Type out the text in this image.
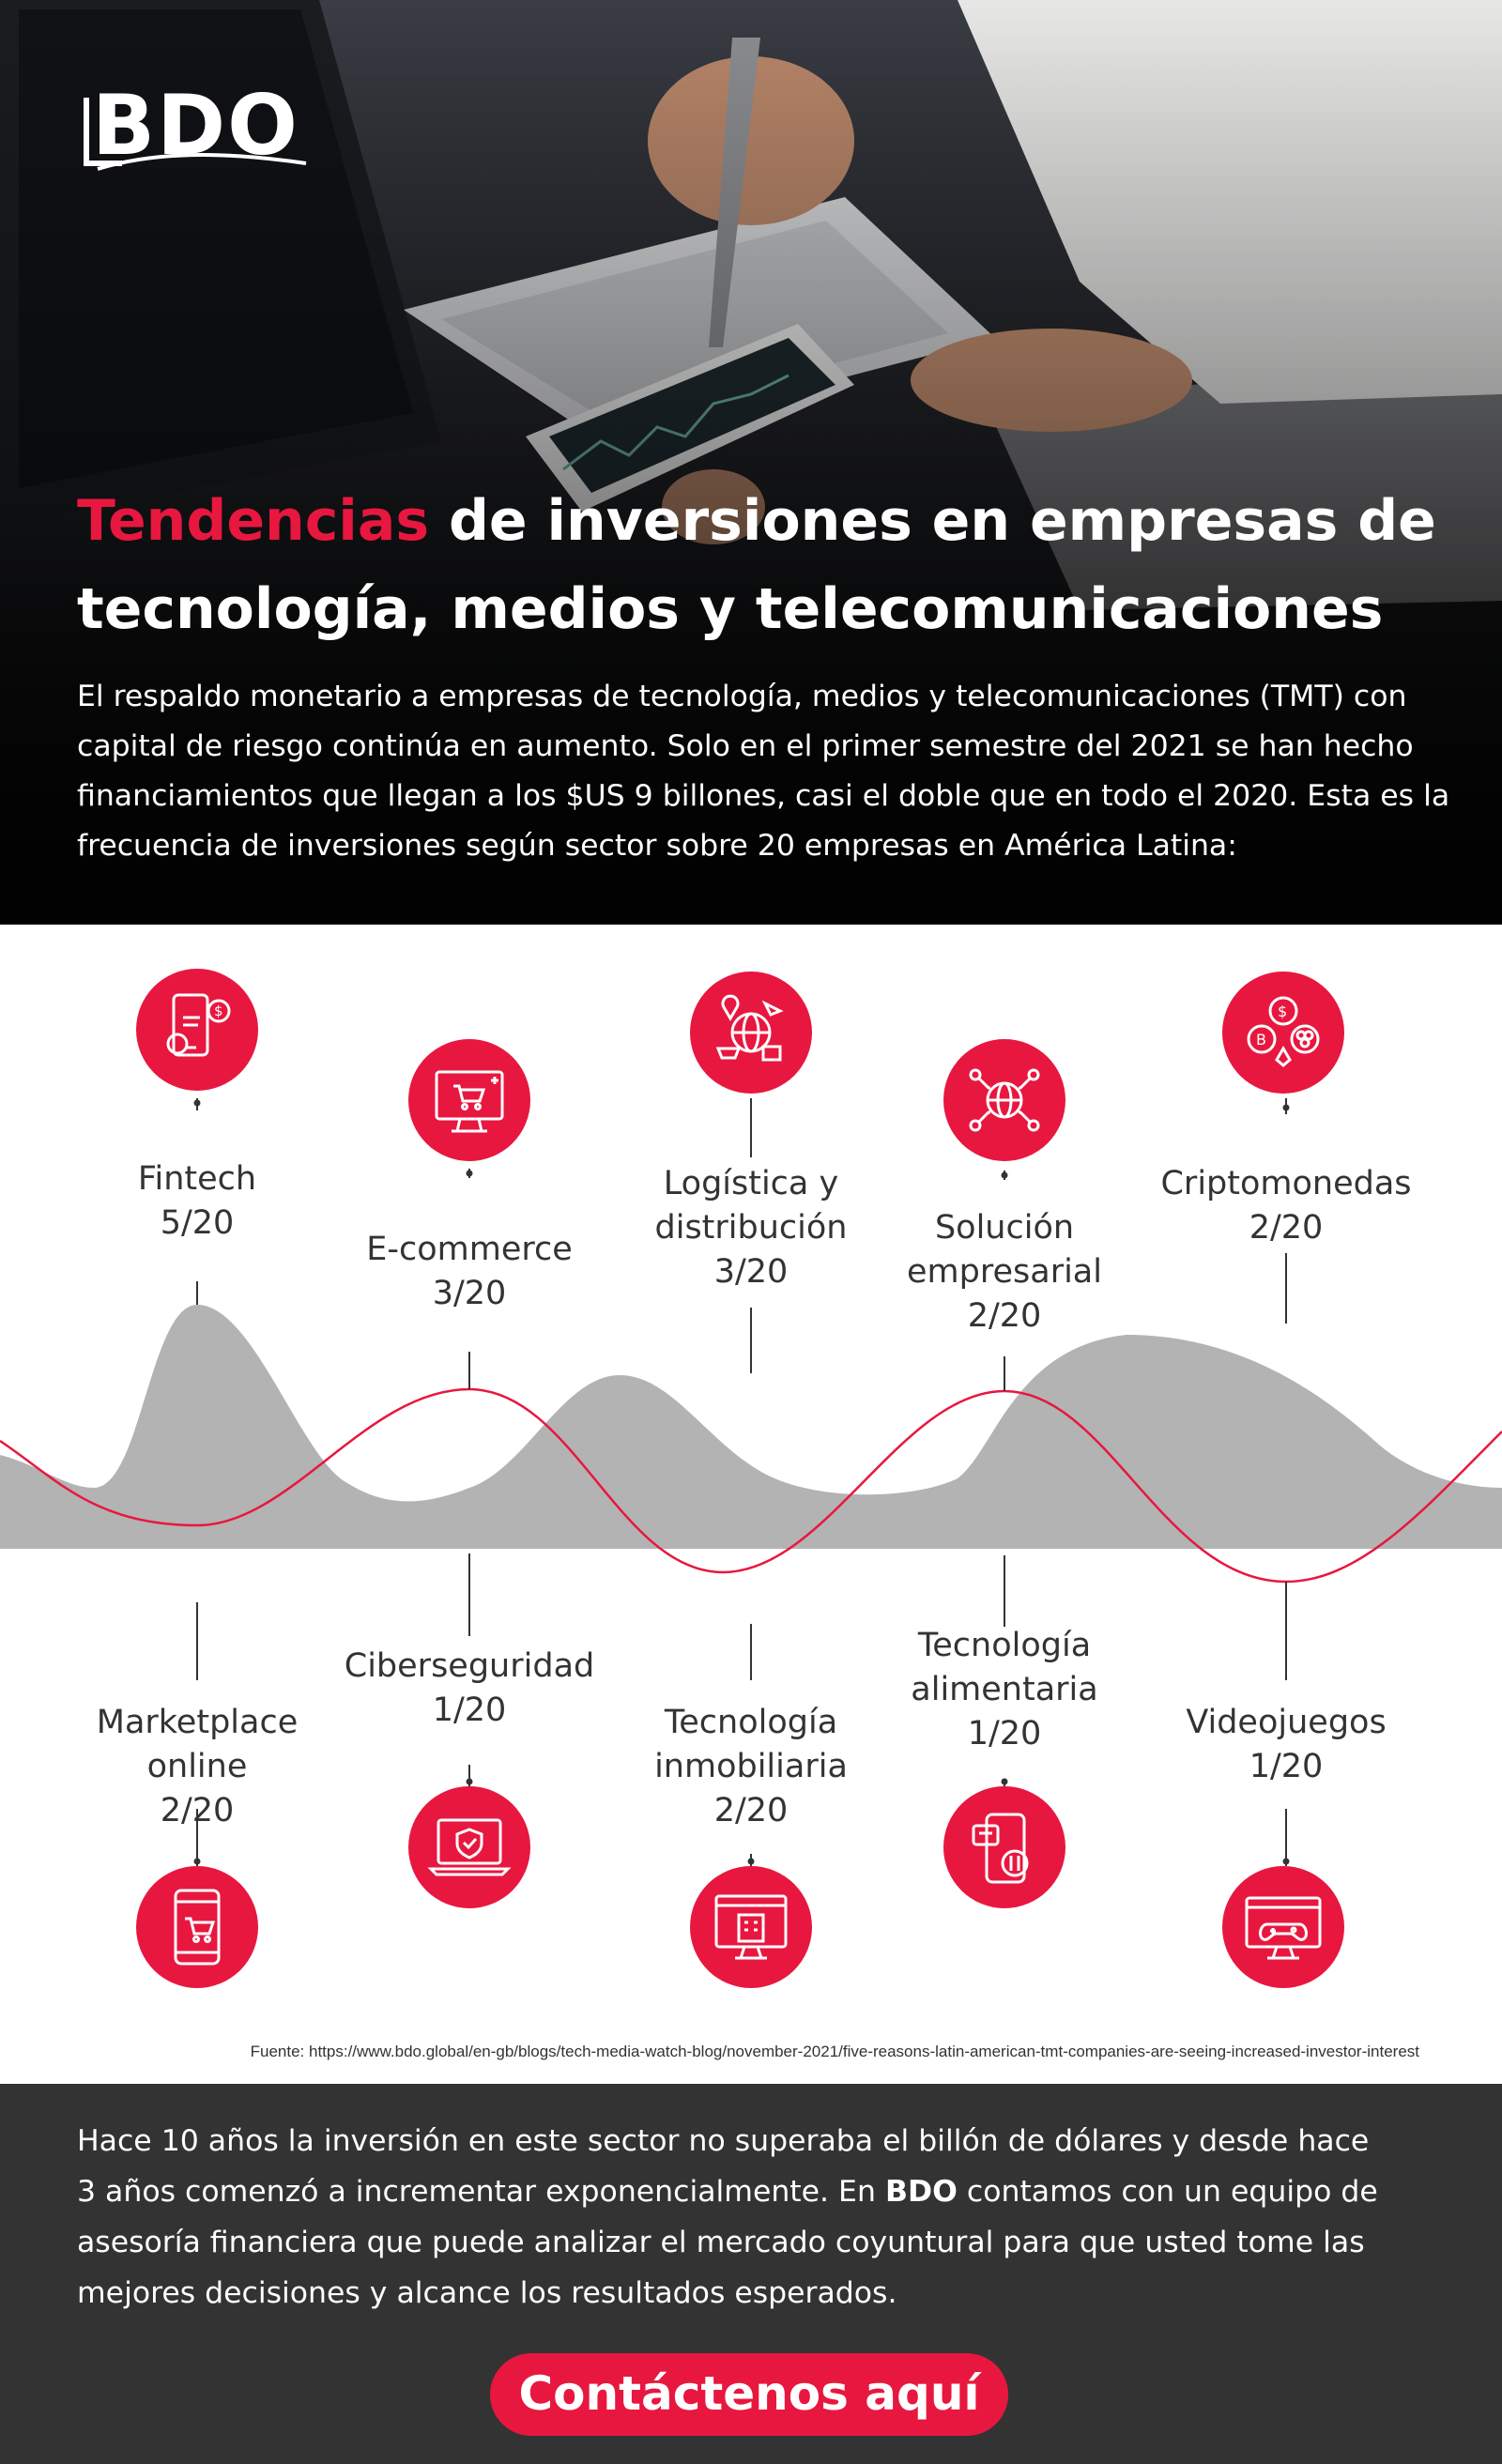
BDO
Tendencias de inversiones en empresas de tecnología, medios y telecomunicaciones
El respaldo monetario a empresas de tecnología, medios y telecomunicaciones (TMT) con capital de riesgo continúa en aumento. Solo en el primer semestre del 2021 se han hecho financiamientos que llegan a los $US 9 billones, casi el doble que en todo el 2020. Esta es la frecuencia de inversiones según sector sobre 20 empresas en América Latina:
$	$
B
Fintech
5/20
E-commerce
3/20
Logística y distribución
3/20
Solución empresarial
2/20
Criptomonedas
2/20
Marketplace online
2/20
Ciberseguridad
1/20	Tecnología inmobiliaria
2/20
Tecnología alimentaria
1/20	Videojuegos
1/20
Fuente: https://www.bdo.global/en-gb/blogs/tech-media-watch-blog/november-2021/five-reasons-latin-american-tmt-companies-are-seeing-increased-investor-interest
Hace 10 años la inversión en este sector no superaba el billón de dólares y desde hace 3 años comenzó a incrementar exponencialmente. En BDO contamos con un equipo de asesoría financiera que puede analizar el mercado coyuntural para que usted tome las mejores decisiones y alcance los resultados esperados.
Contáctenos aquí
